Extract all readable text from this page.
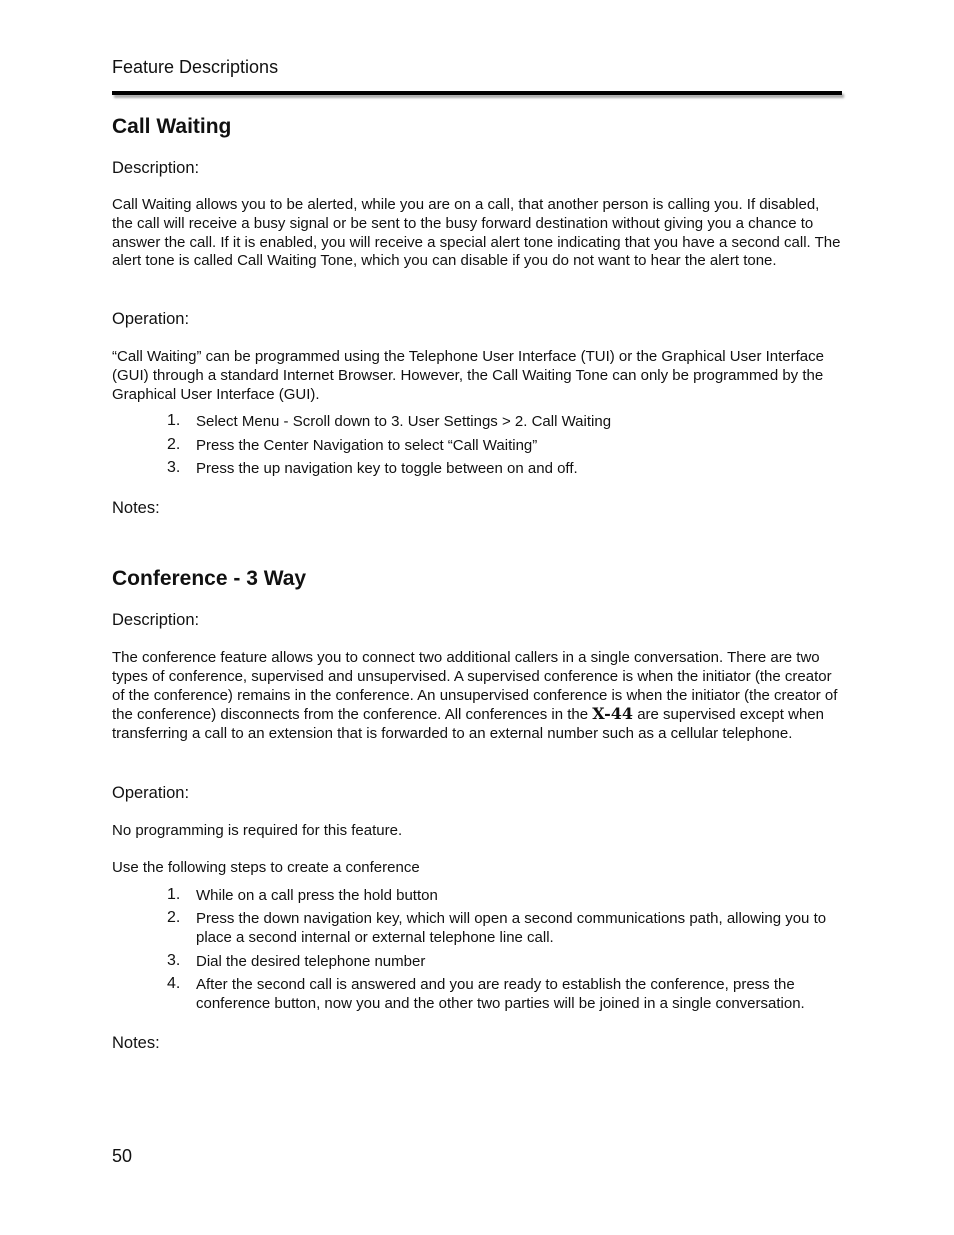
Feature Descriptions
Call Waiting
Description:
Call Waiting allows you to be alerted, while you are on a call, that another person is calling you. If disabled, the call will receive a busy signal or be sent to the busy forward destination without giving you a chance to answer the call. If it is enabled, you will receive a special alert tone indicating that you have a second call. The alert tone is called Call Waiting Tone, which you can disable if you do not want to hear the alert tone.
Operation:
“Call Waiting” can be programmed using the Telephone User Interface (TUI) or the Graphical User Interface (GUI) through a standard Internet Browser. However, the Call Waiting Tone can only be programmed by the Graphical User Interface (GUI).
1. Select Menu - Scroll down to 3. User Settings > 2. Call Waiting
2. Press the Center Navigation to select “Call Waiting”
3. Press the up navigation key to toggle between on and off.
Notes:
Conference - 3 Way
Description:
The conference feature allows you to connect two additional callers in a single conversation. There are two types of conference, supervised and unsupervised. A supervised conference is when the initiator (the creator of the conference) remains in the conference. An unsupervised conference is when the initiator (the creator of the conference) disconnects from the conference. All conferences in the X-44 are supervised except when transferring a call to an extension that is forwarded to an external number such as a cellular telephone.
Operation:
No programming is required for this feature.
Use the following steps to create a conference
1. While on a call press the hold button
2. Press the down navigation key, which will open a second communications path, allowing you to place a second internal or external telephone line call.
3. Dial the desired telephone number
4. After the second call is answered and you are ready to establish the conference, press the conference button, now you and the other two parties will be joined in a single conversation.
Notes:
50
